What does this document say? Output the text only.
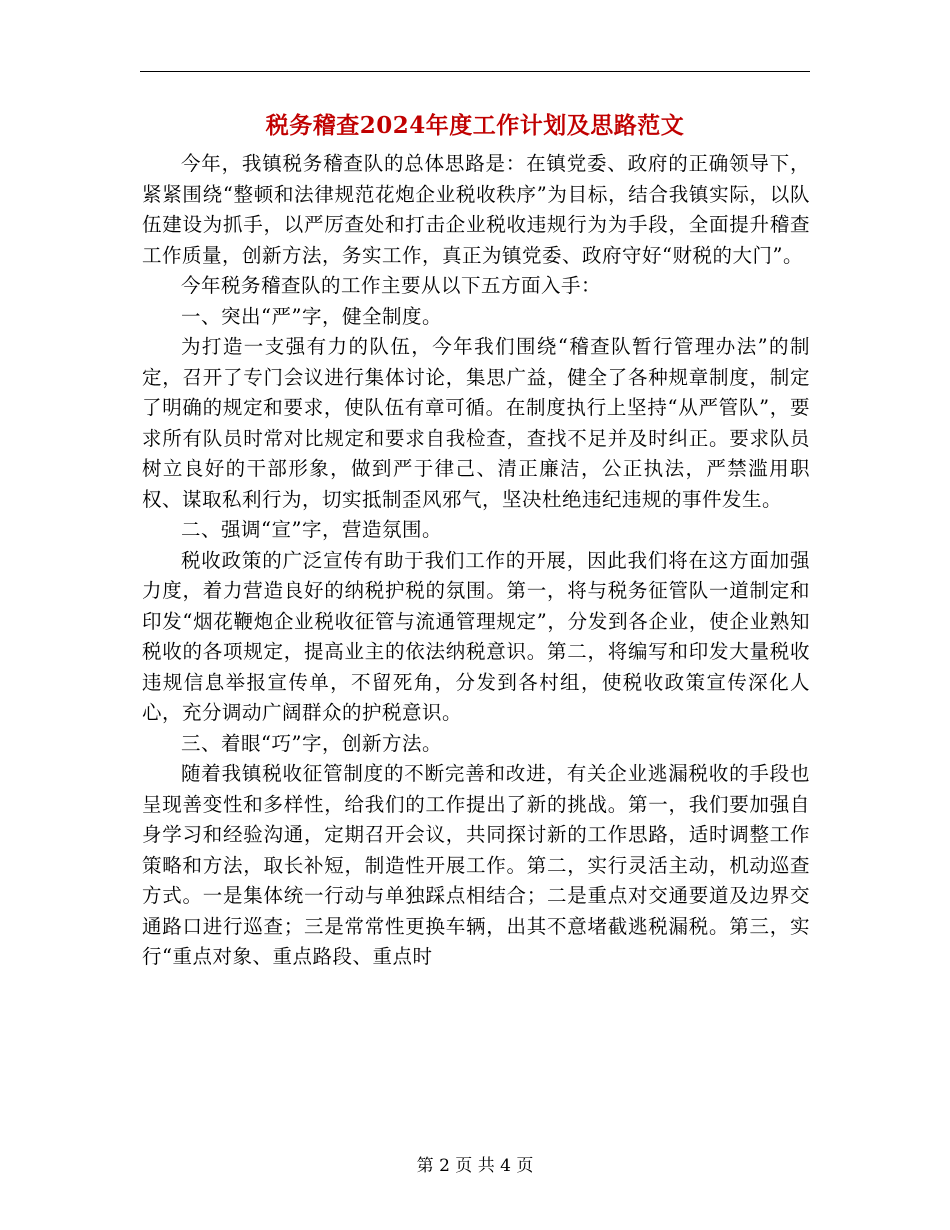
税务稽查2024年度工作计划及思路范文

今年，我镇税务稽查队的总体思路是：在镇党委、政府的正确领导下，紧紧围绕“整顿和法律规范花炮企业税收秩序”为目标，结合我镇实际，以队伍建设为抓手，以严厉查处和打击企业税收违规行为为手段，全面提升稽查工作质量，创新方法，务实工作，真正为镇党委、政府守好“财税的大门”。

今年税务稽查队的工作主要从以下五方面入手：

一、突出“严”字，健全制度。

为打造一支强有力的队伍，今年我们围绕“稽查队暂行管理办法”的制定，召开了专门会议进行集体讨论，集思广益，健全了各种规章制度，制定了明确的规定和要求，使队伍有章可循。在制度执行上坚持“从严管队”，要求所有队员时常对比规定和要求自我检查，查找不足并及时纠正。要求队员树立良好的干部形象，做到严于律己、清正廉洁，公正执法，严禁滥用职权、谋取私利行为，切实抵制歪风邪气，坚决杜绝违纪违规的事件发生。

二、强调“宣”字，营造氛围。

税收政策的广泛宣传有助于我们工作的开展，因此我们将在这方面加强力度，着力营造良好的纳税护税的氛围。第一，将与税务征管队一道制定和印发“烟花鞭炮企业税收征管与流通管理规定”，分发到各企业，使企业熟知税收的各项规定，提高业主的依法纳税意识。第二，将编写和印发大量税收违规信息举报宣传单，不留死角，分发到各村组，使税收政策宣传深化人心，充分调动广阔群众的护税意识。

三、着眼“巧”字，创新方法。

随着我镇税收征管制度的不断完善和改进，有关企业逃漏税收的手段也呈现善变性和多样性，给我们的工作提出了新的挑战。第一，我们要加强自身学习和经验沟通，定期召开会议，共同探讨新的工作思路，适时调整工作策略和方法，取长补短，制造性开展工作。第二，实行灵活主动，机动巡查方式。一是集体统一行动与单独踩点相结合；二是重点对交通要道及边界交通路口进行巡查；三是常常性更换车辆，出其不意堵截逃税漏税。第三，实行“重点对象、重点路段、重点时

第 2 页 共 4 页
